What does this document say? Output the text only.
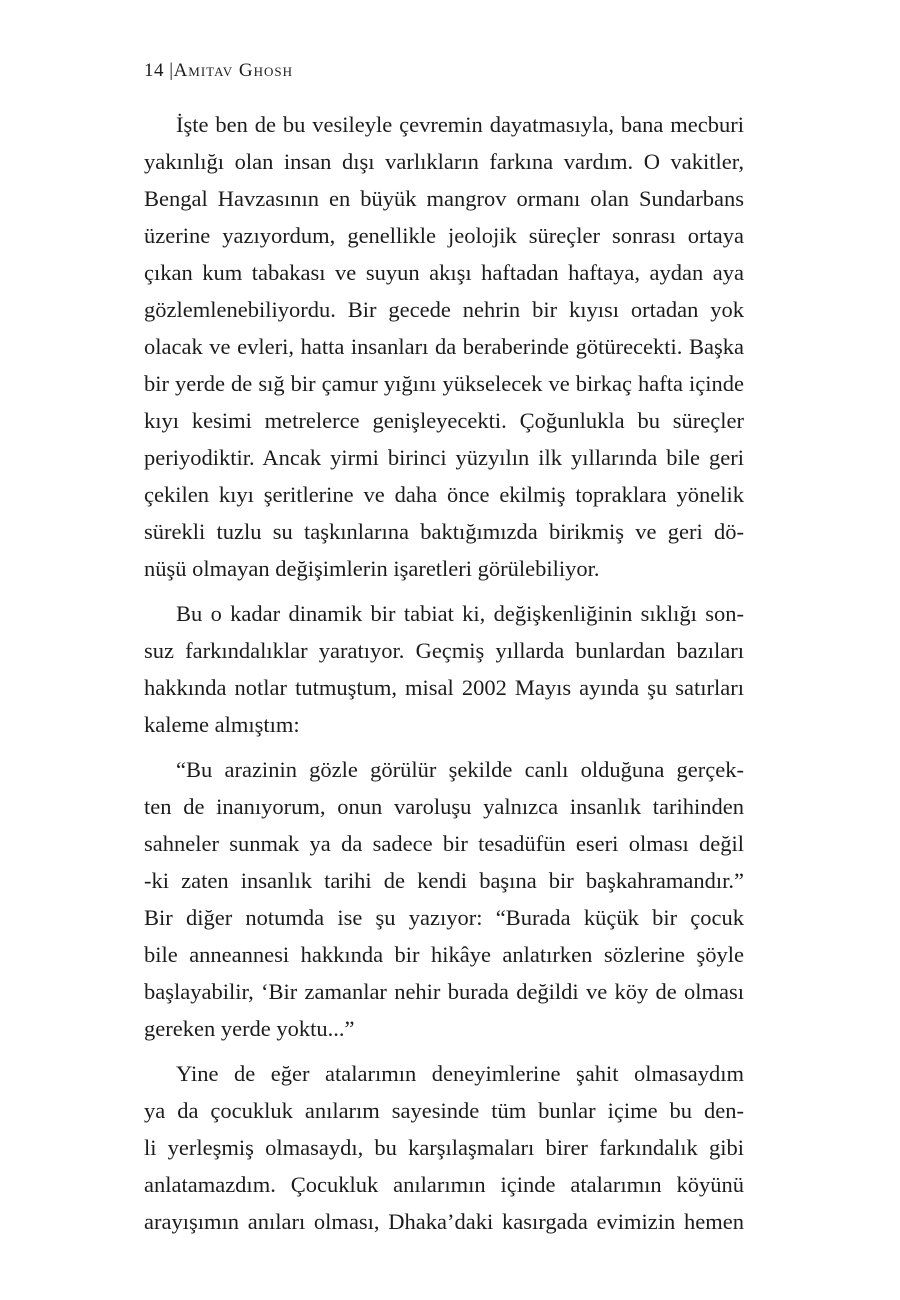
14 |Amitav Ghosh
İşte ben de bu vesileyle çevremin dayatmasıyla, bana mecburi
yakınlığı olan insan dışı varlıkların farkına vardım. O vakitler,
Bengal Havzasının en büyük mangrov ormanı olan Sundarbans
üzerine yazıyordum, genellikle jeolojik süreçler sonrası ortaya
çıkan kum tabakası ve suyun akışı haftadan haftaya, aydan aya
gözlemlenebiliyordu. Bir gecede nehrin bir kıyısı ortadan yok
olacak ve evleri, hatta insanları da beraberinde götürecekti. Başka
bir yerde de sığ bir çamur yığını yükselecek ve birkaç hafta içinde
kıyı kesimi metrelerce genişleyecekti. Çoğunlukla bu süreçler
periyodiktir. Ancak yirmi birinci yüzyılın ilk yıllarında bile geri
çekilen kıyı şeritlerine ve daha önce ekilmiş topraklara yönelik
sürekli tuzlu su taşkınlarına baktığımızda birikmiş ve geri dö-
nüşü olmayan değişimlerin işaretleri görülebiliyor.
Bu o kadar dinamik bir tabiat ki, değişkenliğinin sıklığı son-
suz farkındalıklar yaratıyor. Geçmiş yıllarda bunlardan bazıları
hakkında notlar tutmuştum, misal 2002 Mayıs ayında şu satırları
kaleme almıştım:
“Bu arazinin gözle görülür şekilde canlı olduğuna gerçek-
ten de inanıyorum, onun varoluşu yalnızca insanlık tarihinden
sahneler sunmak ya da sadece bir tesadüfün eseri olması değil
-ki zaten insanlık tarihi de kendi başına bir başkahramandır.”
Bir diğer notumda ise şu yazıyor: “Burada küçük bir çocuk
bile anneannesi hakkında bir hikâye anlatırken sözlerine şöyle
başlayabilir, ‘Bir zamanlar nehir burada değildi ve köy de olması
gereken yerde yoktu...”
Yine de eğer atalarımın deneyimlerine şahit olmasaydım
ya da çocukluk anılarım sayesinde tüm bunlar içime bu den-
li yerleşmiş olmasaydı, bu karşılaşmaları birer farkındalık gibi
anlatamazdım. Çocukluk anılarımın içinde atalarımın köyünü
arayışımın anıları olması, Dhaka’daki kasırgada evimizin hemen
